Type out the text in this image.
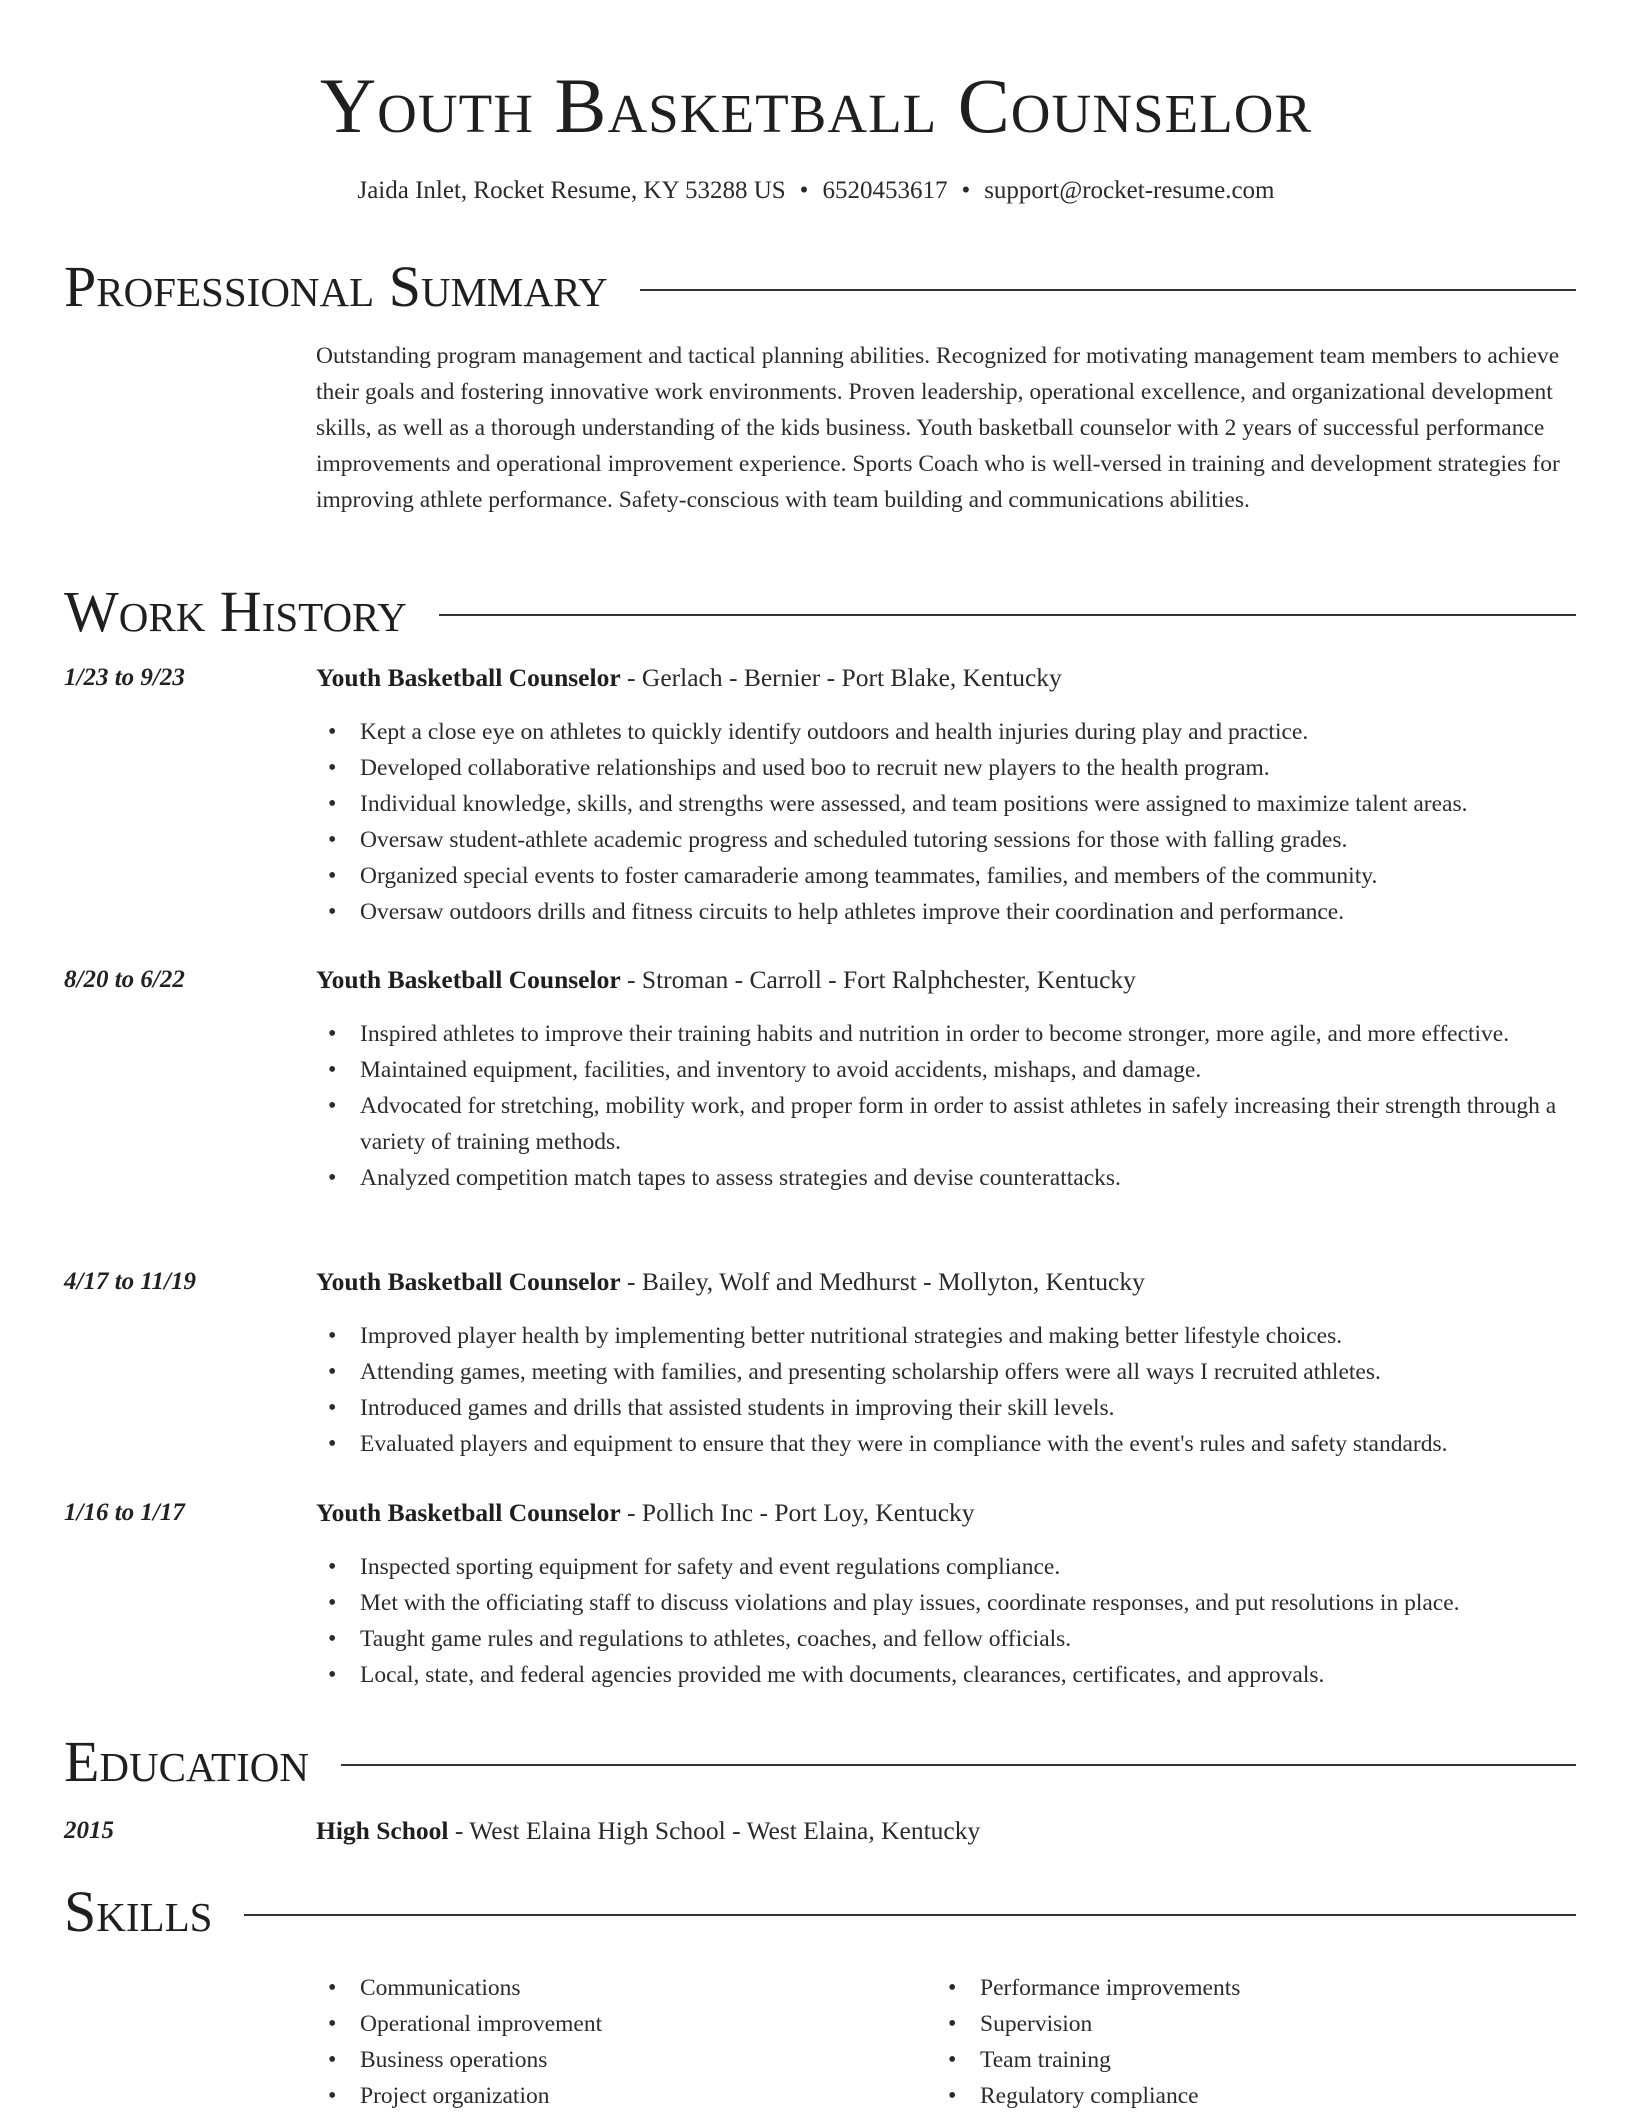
Youth Basketball Counselor
Jaida Inlet, Rocket Resume, KY 53288 US • 6520453617 • support@rocket-resume.com
Professional Summary
Outstanding program management and tactical planning abilities. Recognized for motivating management team members to achieve their goals and fostering innovative work environments. Proven leadership, operational excellence, and organizational development skills, as well as a thorough understanding of the kids business. Youth basketball counselor with 2 years of successful performance improvements and operational improvement experience. Sports Coach who is well-versed in training and development strategies for improving athlete performance. Safety-conscious with team building and communications abilities.
Work History
1/23 to 9/23	Youth Basketball Counselor - Gerlach - Bernier - Port Blake, Kentucky
• Kept a close eye on athletes to quickly identify outdoors and health injuries during play and practice.
• Developed collaborative relationships and used boo to recruit new players to the health program.
• Individual knowledge, skills, and strengths were assessed, and team positions were assigned to maximize talent areas.
• Oversaw student-athlete academic progress and scheduled tutoring sessions for those with falling grades.
• Organized special events to foster camaraderie among teammates, families, and members of the community.
• Oversaw outdoors drills and fitness circuits to help athletes improve their coordination and performance.
8/20 to 6/22	Youth Basketball Counselor - Stroman - Carroll - Fort Ralphchester, Kentucky
• Inspired athletes to improve their training habits and nutrition in order to become stronger, more agile, and more effective.
• Maintained equipment, facilities, and inventory to avoid accidents, mishaps, and damage.
• Advocated for stretching, mobility work, and proper form in order to assist athletes in safely increasing their strength through a variety of training methods.
• Analyzed competition match tapes to assess strategies and devise counterattacks.
4/17 to 11/19	Youth Basketball Counselor - Bailey, Wolf and Medhurst - Mollyton, Kentucky
• Improved player health by implementing better nutritional strategies and making better lifestyle choices.
• Attending games, meeting with families, and presenting scholarship offers were all ways I recruited athletes.
• Introduced games and drills that assisted students in improving their skill levels.
• Evaluated players and equipment to ensure that they were in compliance with the event's rules and safety standards.
1/16 to 1/17	Youth Basketball Counselor - Pollich Inc - Port Loy, Kentucky
• Inspected sporting equipment for safety and event regulations compliance.
• Met with the officiating staff to discuss violations and play issues, coordinate responses, and put resolutions in place.
• Taught game rules and regulations to athletes, coaches, and fellow officials.
• Local, state, and federal agencies provided me with documents, clearances, certificates, and approvals.
Education
2015	High School - West Elaina High School - West Elaina, Kentucky
Skills
• Communications
• Operational improvement
• Business operations
• Project organization
• Performance improvements
• Supervision
• Team training
• Regulatory compliance
